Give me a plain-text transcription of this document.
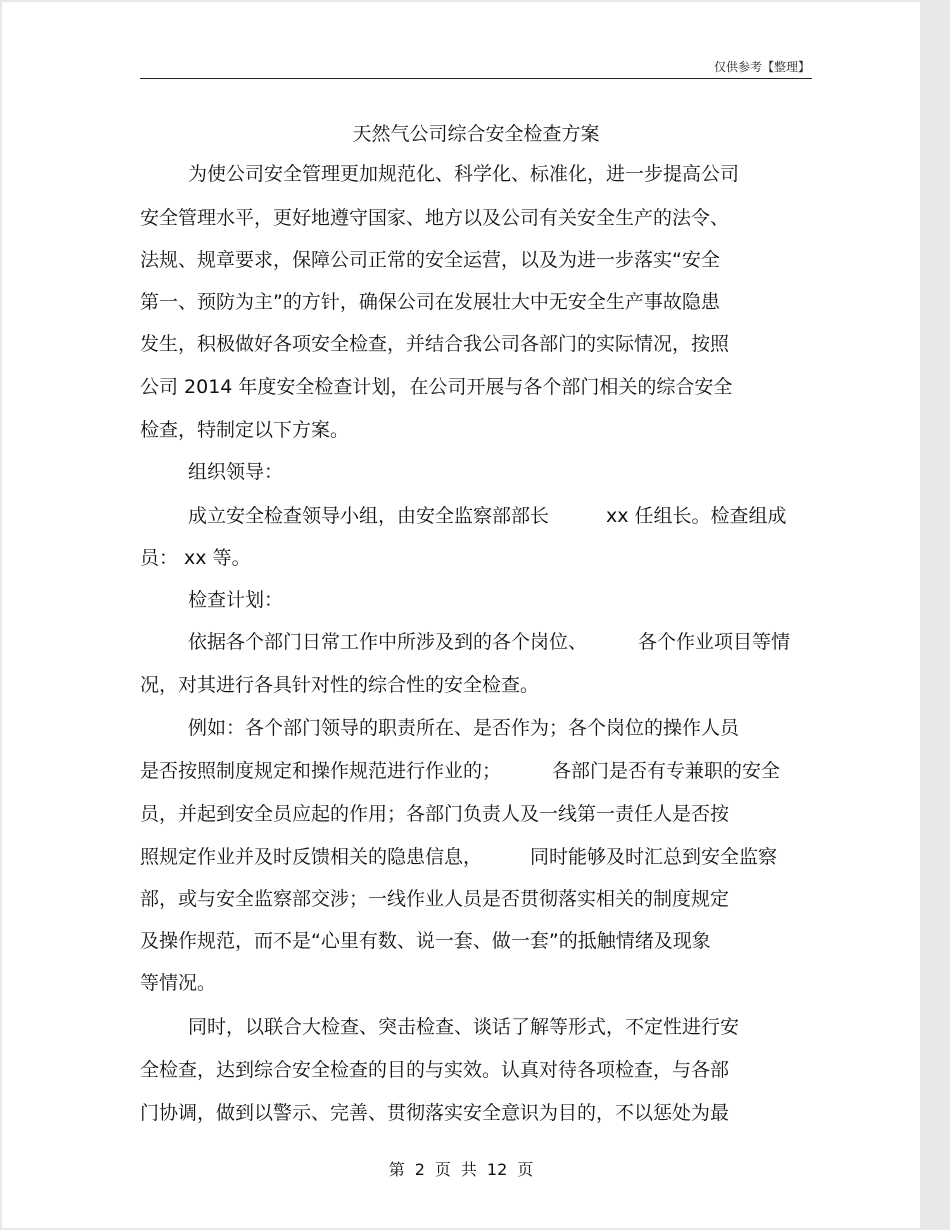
仅供参考【整理】
天然气公司综合安全检查方案
为使公司安全管理更加规范化、科学化、标准化，进一步提高公司
安全管理水平，更好地遵守国家、地方以及公司有关安全生产的法令、
法规、规章要求，保障公司正常的安全运营，以及为进一步落实“安全
第一、预防为主”的方针，确保公司在发展壮大中无安全生产事故隐患
发生，积极做好各项安全检查，并结合我公司各部门的实际情况，按照
公司 2014 年度安全检查计划，在公司开展与各个部门相关的综合安全
检查，特制定以下方案。
组织领导：
成立安全检查领导小组，由安全监察部部长	xx 任组长。检查组成
员： xx 等。
检查计划：
依据各个部门日常工作中所涉及到的各个岗位、	各个作业项目等情
况，对其进行各具针对性的综合性的安全检查。
例如：各个部门领导的职责所在、是否作为；各个岗位的操作人员
是否按照制度规定和操作规范进行作业的；	各部门是否有专兼职的安全
员，并起到安全员应起的作用；各部门负责人及一线第一责任人是否按
照规定作业并及时反馈相关的隐患信息，	同时能够及时汇总到安全监察
部，或与安全监察部交涉；一线作业人员是否贯彻落实相关的制度规定
及操作规范，而不是“心里有数、说一套、做一套”的抵触情绪及现象
等情况。
同时，以联合大检查、突击检查、谈话了解等形式，不定性进行安
全检查，达到综合安全检查的目的与实效。认真对待各项检查，与各部
门协调，做到以警示、完善、贯彻落实安全意识为目的，不以惩处为最
第 2 页 共 12 页
